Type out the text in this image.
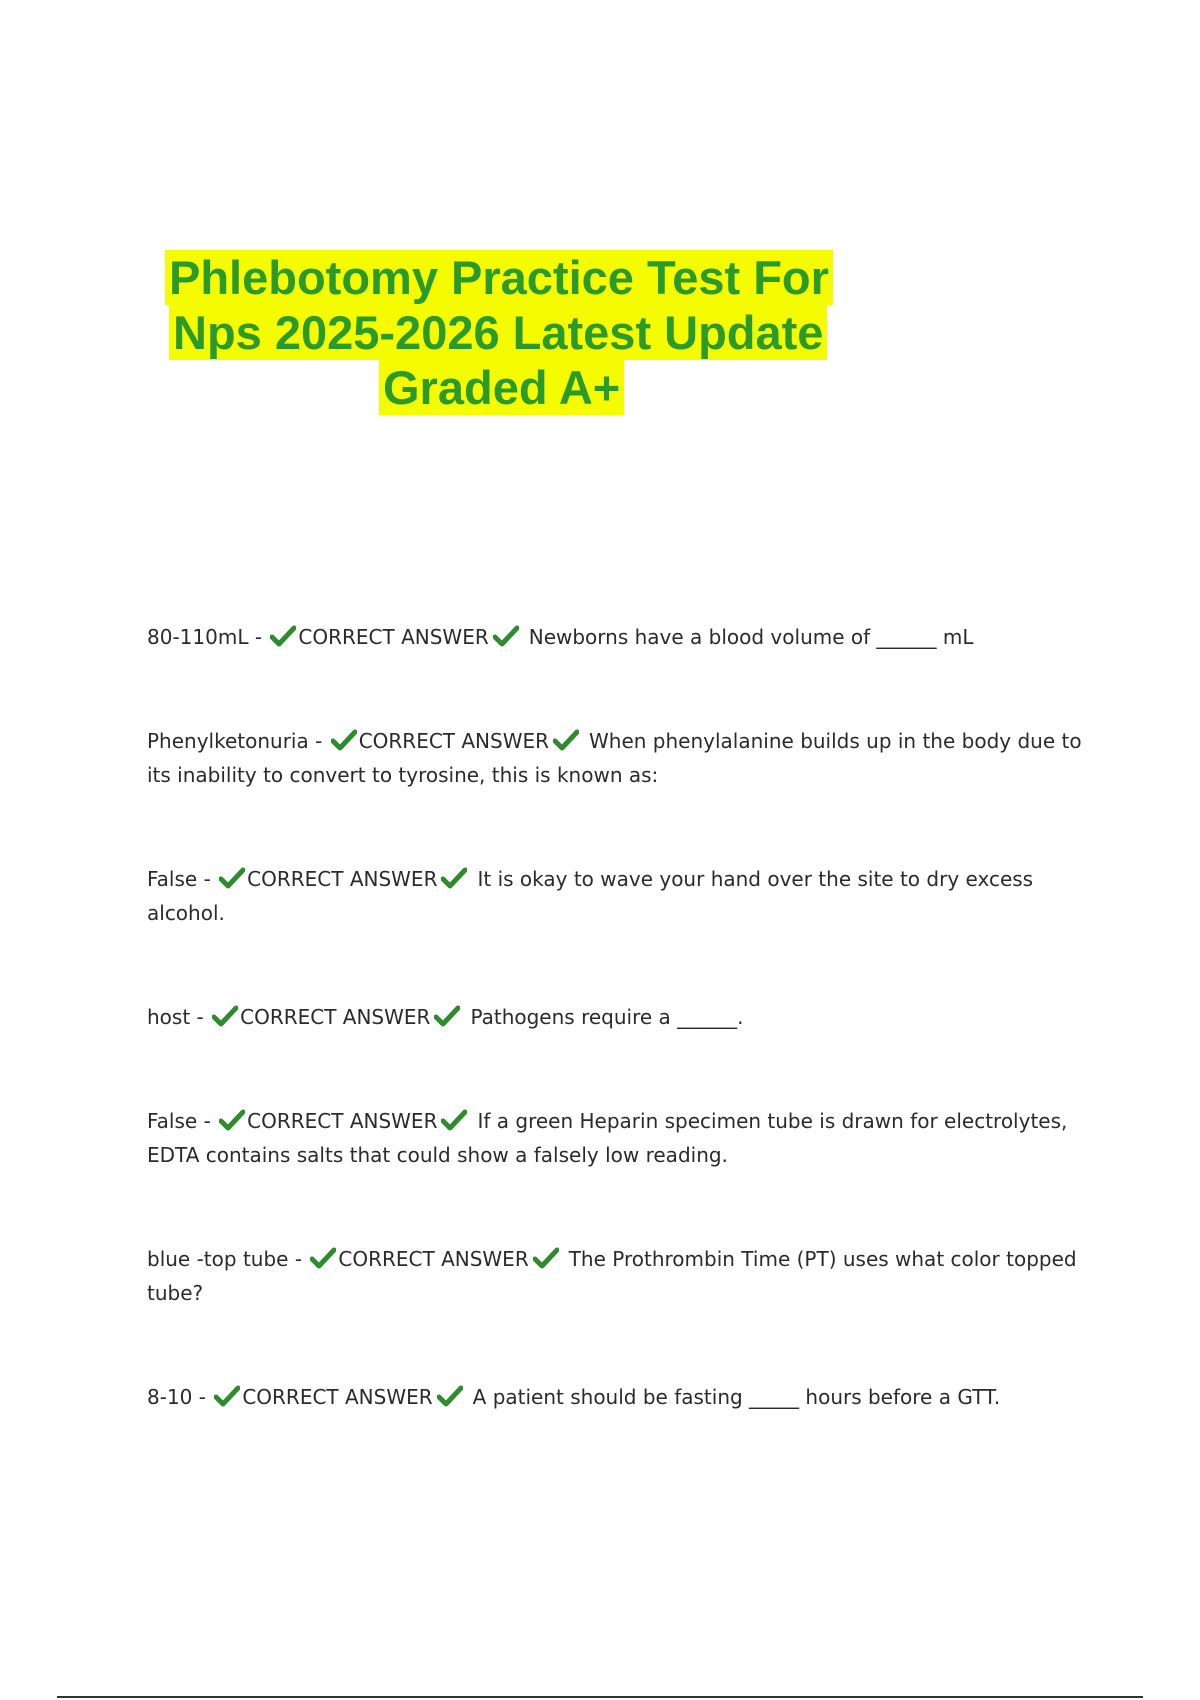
Phlebotomy Practice Test For
Nps 2025-2026 Latest Update
Graded A+
80-110mL - CORRECT ANSWER Newborns have a blood volume of ______ mL
Phenylketonuria - CORRECT ANSWER When phenylalanine builds up in the body due to its inability to convert to tyrosine, this is known as:
False - CORRECT ANSWER It is okay to wave your hand over the site to dry excess alcohol.
host - CORRECT ANSWER Pathogens require a ______.
False - CORRECT ANSWER If a green Heparin specimen tube is drawn for electrolytes, EDTA contains salts that could show a falsely low reading.
blue -top tube - CORRECT ANSWER The Prothrombin Time (PT) uses what color topped tube?
8-10 - CORRECT ANSWER A patient should be fasting _____ hours before a GTT.
